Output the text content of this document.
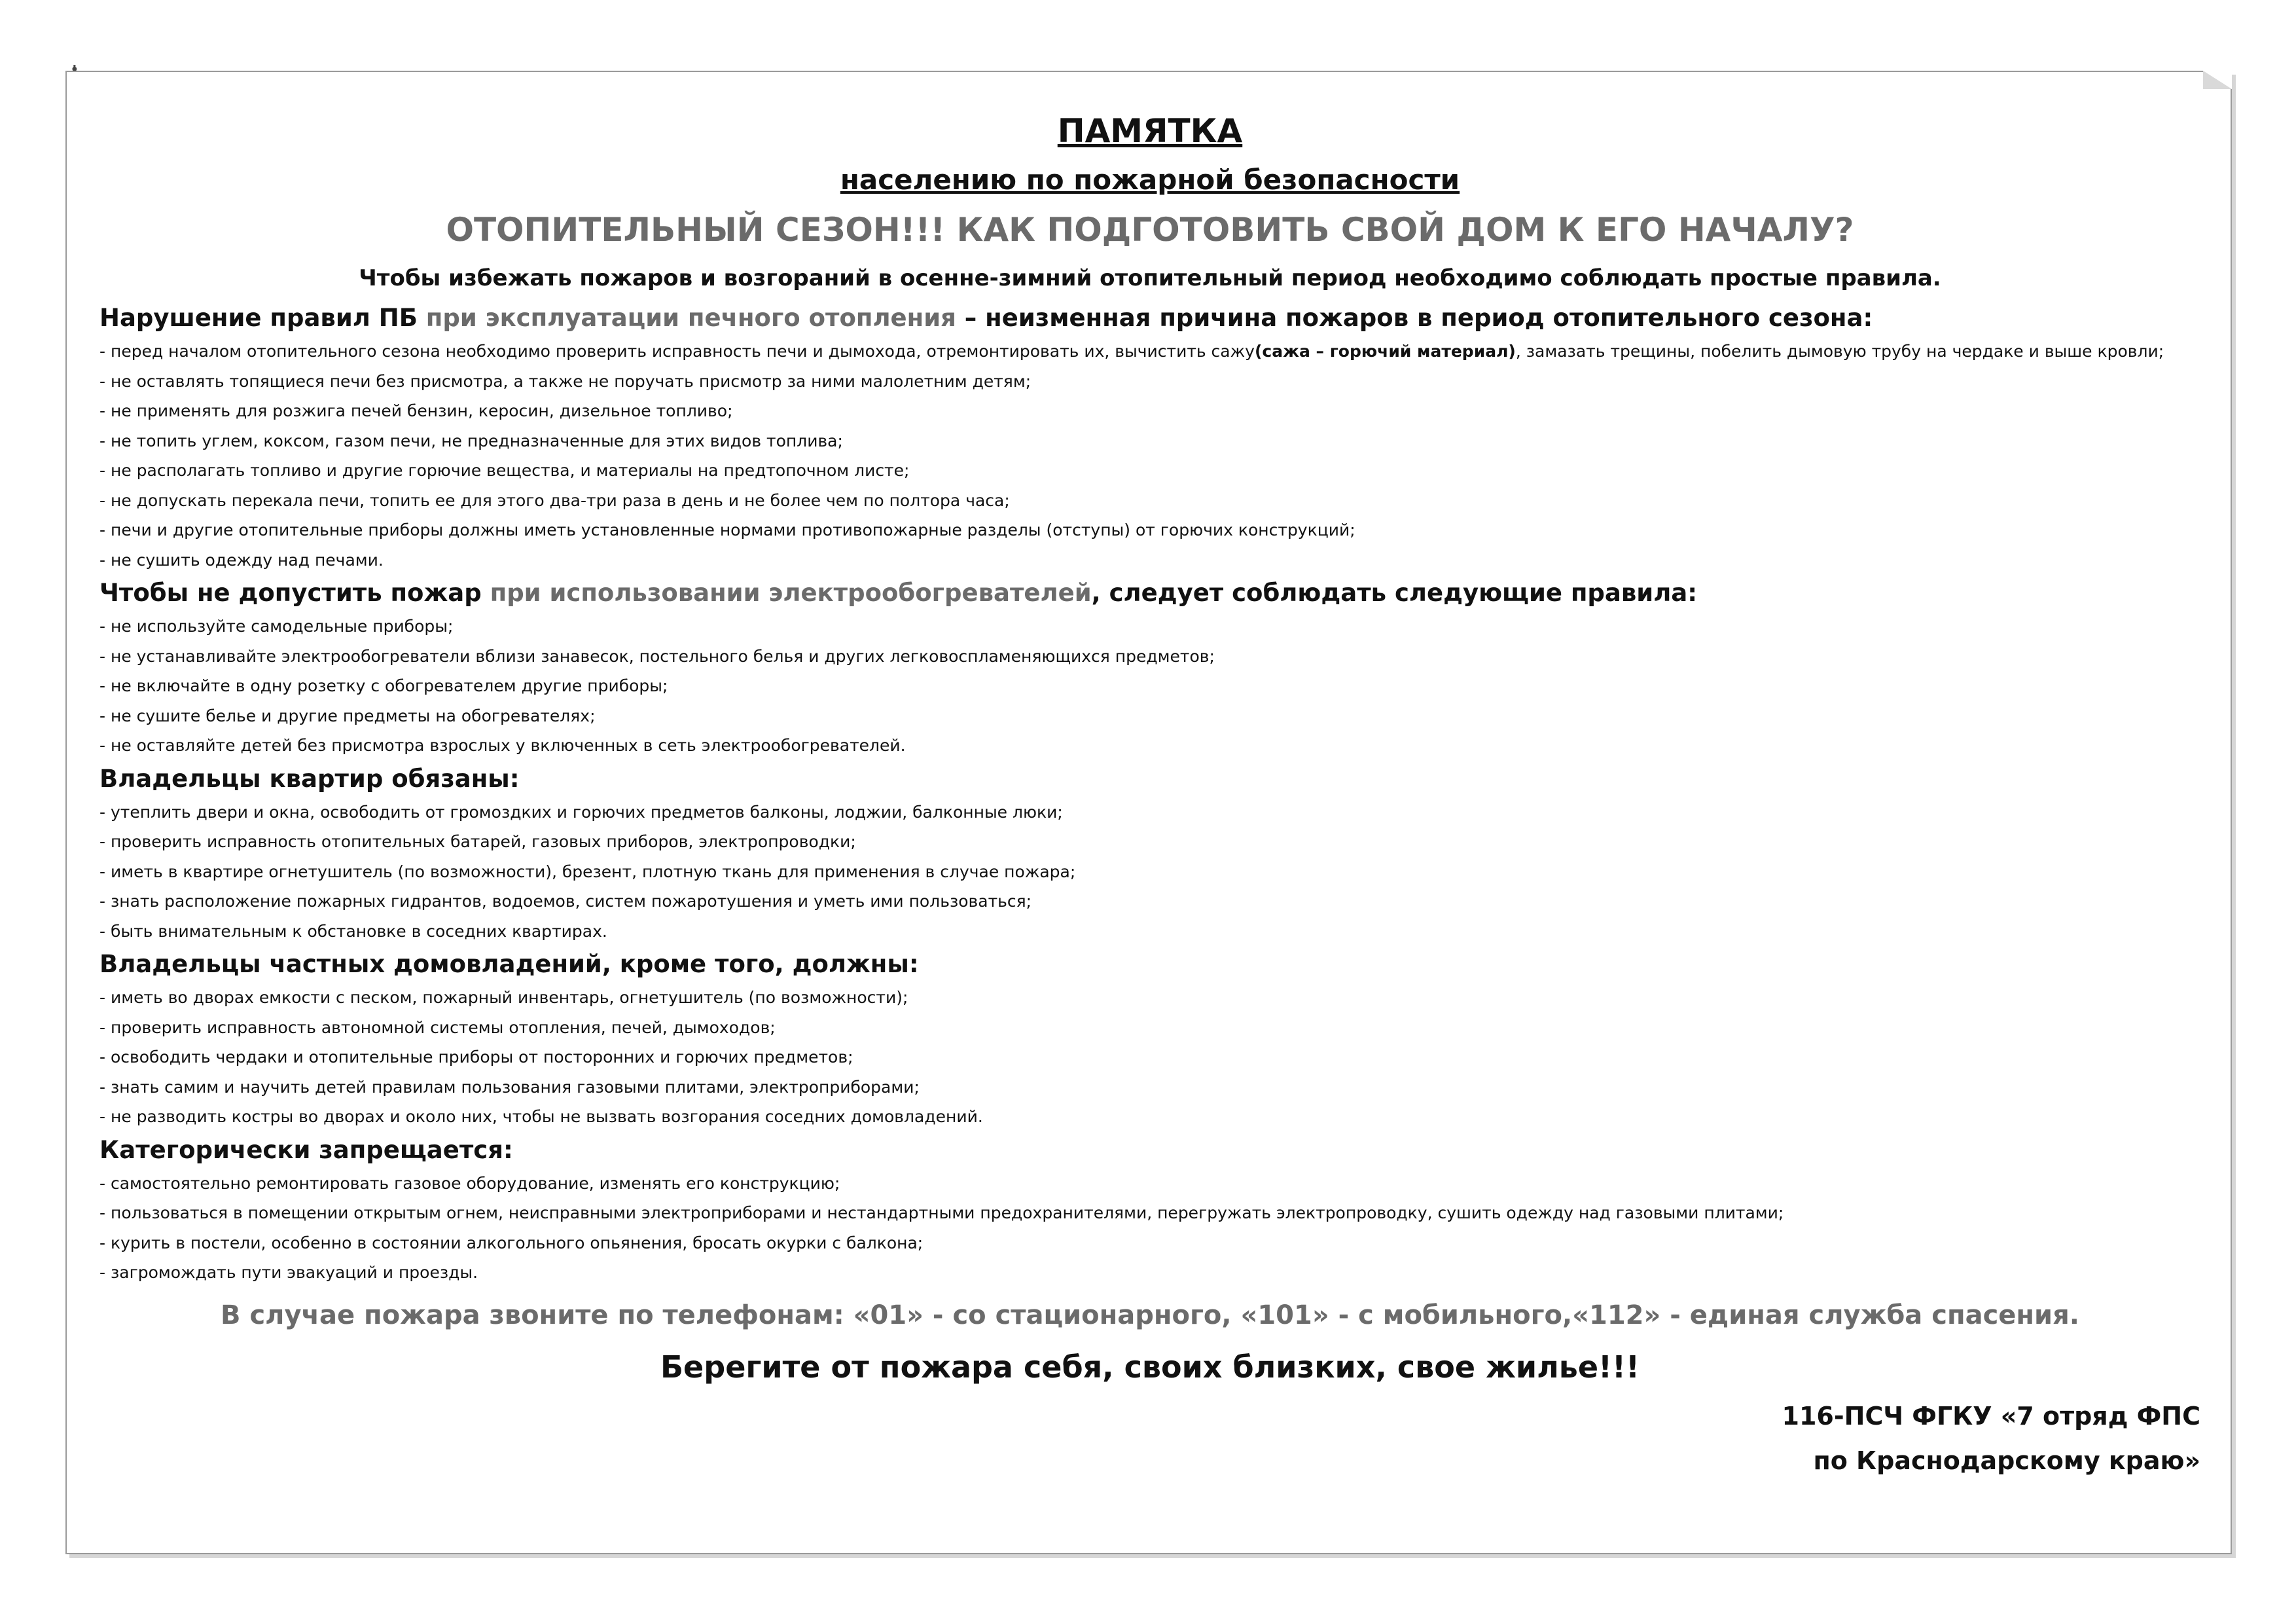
ПАМЯТКА
населению по пожарной безопасности
ОТОПИТЕЛЬНЫЙ СЕЗОН!!! КАК ПОДГОТОВИТЬ СВОЙ ДОМ К ЕГО НАЧАЛУ?
Чтобы избежать пожаров и возгораний в осенне-зимний отопительный период необходимо соблюдать простые правила.
Нарушение правил ПБ при эксплуатации печного отопления – неизменная причина пожаров в период отопительного сезона:
- перед началом отопительного сезона необходимо проверить исправность печи и дымохода, отремонтировать их, вычистить сажу(сажа – горючий материал), замазать трещины, побелить дымовую трубу на чердаке и выше кровли;
- не оставлять топящиеся печи без присмотра, а также не поручать присмотр за ними малолетним детям;
- не применять для розжига печей бензин, керосин, дизельное топливо;
- не топить углем, коксом, газом печи, не предназначенные для этих видов топлива;
- не располагать топливо и другие горючие вещества, и материалы на предтопочном листе;
- не допускать перекала печи, топить ее для этого два-три раза в день и не более чем по полтора часа;
- печи и другие отопительные приборы должны иметь установленные нормами противопожарные разделы (отступы) от горючих конструкций;
- не сушить одежду над печами.
Чтобы не допустить пожар при использовании электрообогревателей, следует соблюдать следующие правила:
- не используйте самодельные приборы;
- не устанавливайте электрообогреватели вблизи занавесок, постельного белья и других легковоспламеняющихся предметов;
- не включайте в одну розетку с обогревателем другие приборы;
- не сушите белье и другие предметы на обогревателях;
- не оставляйте детей без присмотра взрослых у включенных в сеть электрообогревателей.
Владельцы квартир обязаны:
- утеплить двери и окна, освободить от громоздких и горючих предметов балконы, лоджии, балконные люки;
- проверить исправность отопительных батарей, газовых приборов, электропроводки;
- иметь в квартире огнетушитель (по возможности), брезент, плотную ткань для применения в случае пожара;
- знать расположение пожарных гидрантов, водоемов, систем пожаротушения и уметь ими пользоваться;
- быть внимательным к обстановке в соседних квартирах.
Владельцы частных домовладений, кроме того, должны:
- иметь во дворах емкости с песком, пожарный инвентарь, огнетушитель (по возможности);
- проверить исправность автономной системы отопления, печей, дымоходов;
- освободить чердаки и отопительные приборы от посторонних и горючих предметов;
- знать самим и научить детей правилам пользования газовыми плитами, электроприборами;
- не разводить костры во дворах и около них, чтобы не вызвать возгорания соседних домовладений.
Категорически запрещается:
- самостоятельно ремонтировать газовое оборудование, изменять его конструкцию;
- пользоваться в помещении открытым огнем, неисправными электроприборами и нестандартными предохранителями, перегружать электропроводку, сушить одежду над газовыми плитами;
- курить в постели, особенно в состоянии алкогольного опьянения, бросать окурки с балкона;
- загромождать пути эвакуаций и проезды.
В случае пожара звоните по телефонам: «01» - со стационарного, «101» - с мобильного,«112» - единая служба спасения.
Берегите от пожара себя, своих близких, свое жилье!!!
116-ПСЧ ФГКУ «7 отряд ФПС
по Краснодарскому краю»
